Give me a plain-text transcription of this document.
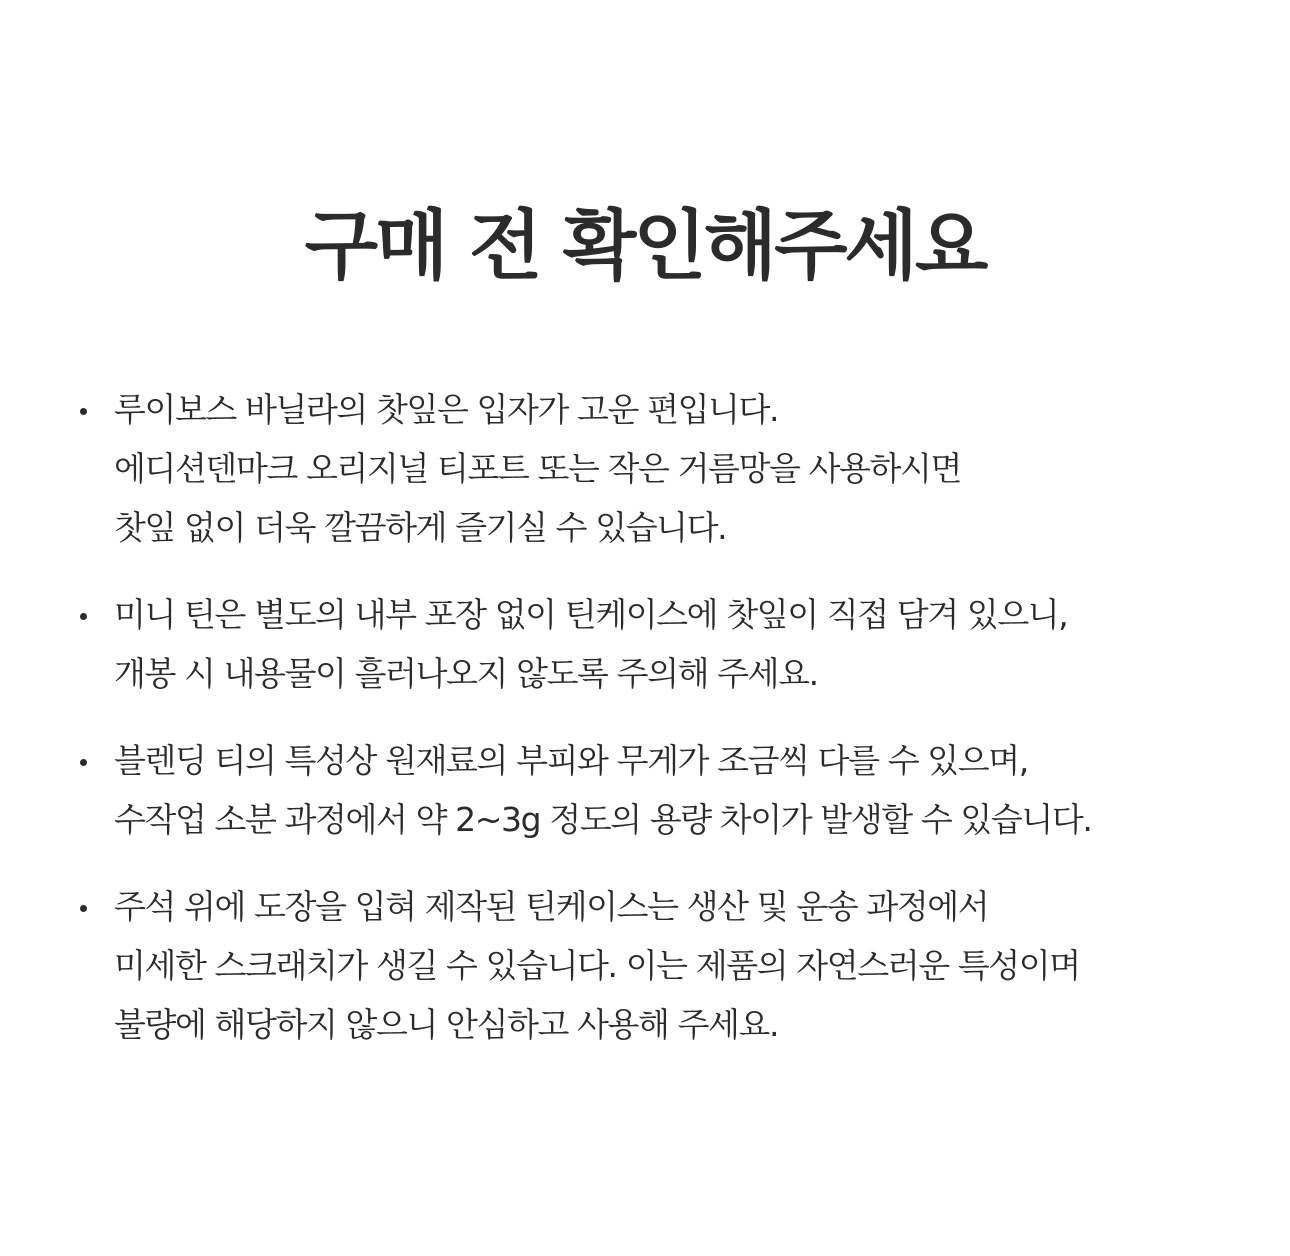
구매 전 확인해주세요
루이보스 바닐라의 찻잎은 입자가 고운 편입니다.
에디션덴마크 오리지널 티포트 또는 작은 거름망을 사용하시면
찻잎 없이 더욱 깔끔하게 즐기실 수 있습니다.
미니 틴은 별도의 내부 포장 없이 틴케이스에 찻잎이 직접 담겨 있으니,
개봉 시 내용물이 흘러나오지 않도록 주의해 주세요.
블렌딩 티의 특성상 원재료의 부피와 무게가 조금씩 다를 수 있으며,
수작업 소분 과정에서 약 2~3g 정도의 용량 차이가 발생할 수 있습니다.
주석 위에 도장을 입혀 제작된 틴케이스는 생산 및 운송 과정에서
미세한 스크래치가 생길 수 있습니다. 이는 제품의 자연스러운 특성이며
불량에 해당하지 않으니 안심하고 사용해 주세요.
